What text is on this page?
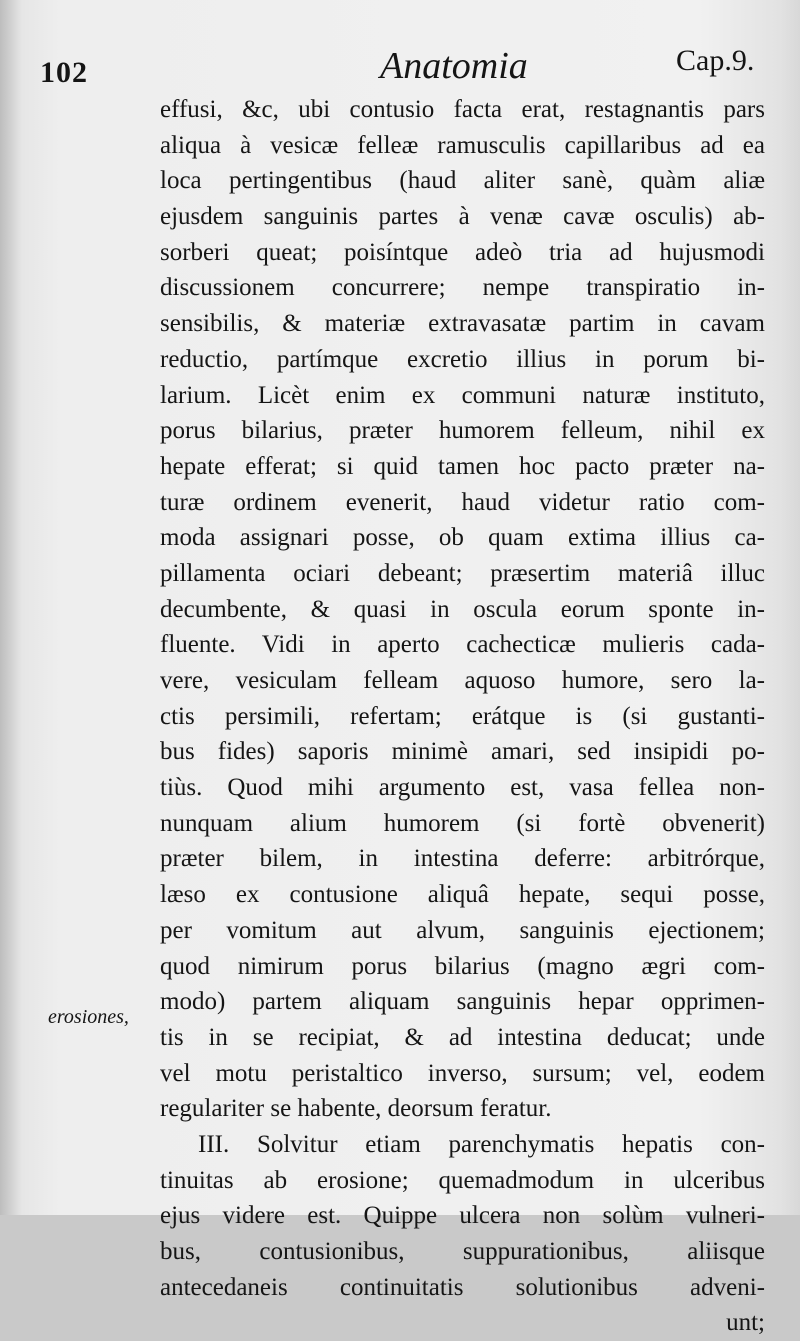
102	Anatomia	Cap.9.
effusi, &c, ubi contusio facta erat, restagnantis pars
aliqua à vesicæ felleæ ramusculis capillaribus ad ea
loca pertingentibus (haud aliter sanè, quàm aliæ
ejusdem sanguinis partes à venæ cavæ osculis) ab-
sorberi queat; poisíntque adeò tria ad hujusmodi
discussionem concurrere; nempe transpiratio in-
sensibilis, & materiæ extravasatæ partim in cavam
reductio, partímque excretio illius in porum bi-
larium. Licèt enim ex communi naturæ instituto,
porus bilarius, præter humorem felleum, nihil ex
hepate efferat; si quid tamen hoc pacto præter na-
turæ ordinem evenerit, haud videtur ratio com-
moda assignari posse, ob quam extima illius ca-
pillamenta ociari debeant; præsertim materiâ illuc
decumbente, & quasi in oscula eorum sponte in-
fluente. Vidi in aperto cachecticæ mulieris cada-
vere, vesiculam felleam aquoso humore, sero la-
ctis persimili, refertam; erátque is (si gustanti-
bus fides) saporis minimè amari, sed insipidi po-
tiùs. Quod mihi argumento est, vasa fellea non-
nunquam alium humorem (si fortè obvenerit)
præter bilem, in intestina deferre: arbitrórque,
læso ex contusione aliquâ hepate, sequi posse,
per vomitum aut alvum, sanguinis ejectionem;
quod nimirum porus bilarius (magno ægri com-
modo) partem aliquam sanguinis hepar opprimen-
tis in se recipiat, & ad intestina deducat; unde
vel motu peristaltico inverso, sursum; vel, eodem
regulariter se habente, deorsum feratur.
III. Solvitur etiam parenchymatis hepatis con-
tinuitas ab erosione; quemadmodum in ulceribus
ejus videre est. Quippe ulcera non solùm vulneri-
bus, contusionibus, suppurationibus, aliisque
antecedaneis continuitatis solutionibus adveni-
unt;
erosiones,
